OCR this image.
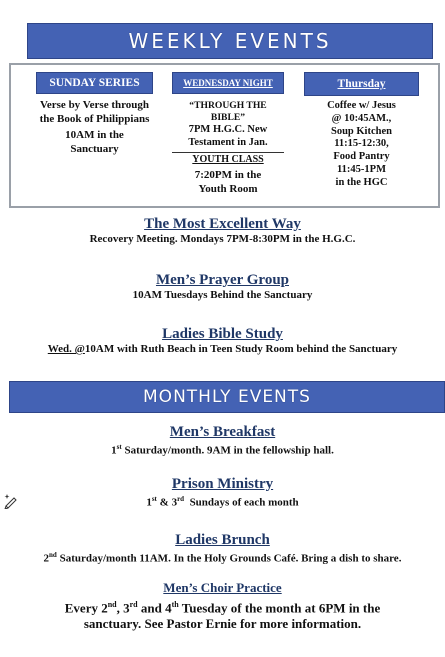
WEEKLY EVENTS
SUNDAY SERIES
Verse by Verse through the Book of Philippians
10AM in the Sanctuary
WEDNESDAY NIGHT
“THROUGH THE BIBLE”
7PM H.G.C. New Testament in Jan.
YOUTH CLASS
7:20PM in the Youth Room
Thursday
Coffee w/ Jesus
@ 10:45AM.,
Soup Kitchen
11:15-12:30,
Food Pantry
11:45-1PM
in the HGC
The Most Excellent Way
Recovery Meeting. Mondays 7PM-8:30PM in the H.G.C.
Men’s Prayer Group
10AM Tuesdays Behind the Sanctuary
Ladies Bible Study
Wed. @10AM with Ruth Beach in Teen Study Room behind the Sanctuary
MONTHLY EVENTS
Men’s Breakfast
1st Saturday/month. 9AM in the fellowship hall.
Prison Ministry
1st & 3rd  Sundays of each month
Ladies Brunch
2nd Saturday/month 11AM. In the Holy Grounds Café. Bring a dish to share.
Men’s Choir Practice
Every 2nd, 3rd and 4th Tuesday of the month at 6PM in the sanctuary. See Pastor Ernie for more information.
